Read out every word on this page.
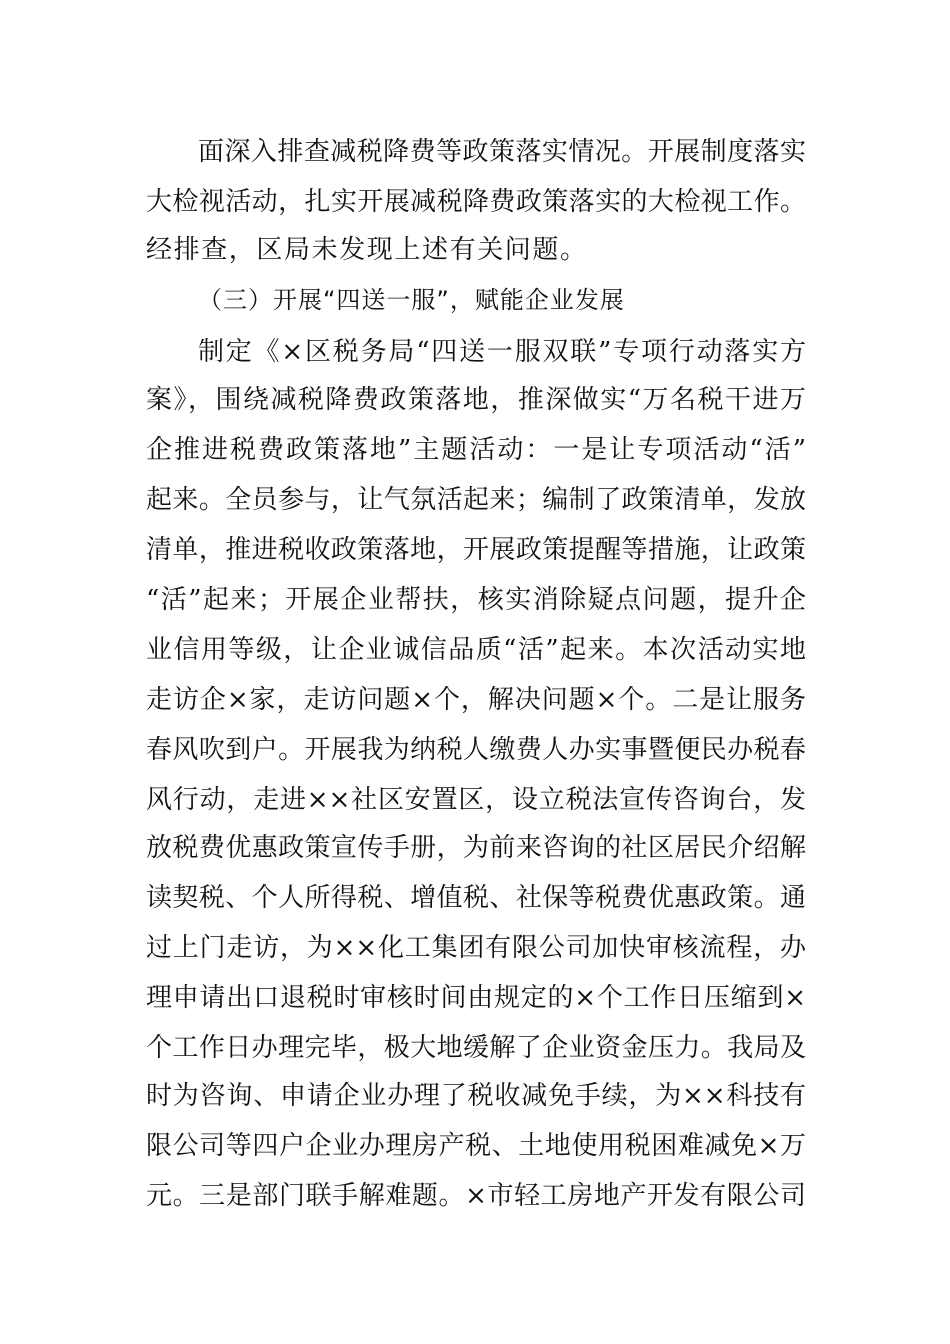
面深入排查减税降费等政策落实情况。开展制度落实
大检视活动，扎实开展减税降费政策落实的大检视工作。
经排查，区局未发现上述有关问题。
（三）开展“四送一服”，赋能企业发展
制定《×区税务局“四送一服双联”专项行动落实方
案》，围绕减税降费政策落地，推深做实“万名税干进万
企推进税费政策落地”主题活动：一是让专项活动“活”
起来。全员参与，让气氛活起来；编制了政策清单，发放
清单，推进税收政策落地，开展政策提醒等措施，让政策
“活”起来；开展企业帮扶，核实消除疑点问题，提升企
业信用等级，让企业诚信品质“活”起来。本次活动实地
走访企×家，走访问题×个，解决问题×个。二是让服务
春风吹到户。开展我为纳税人缴费人办实事暨便民办税春
风行动，走进××社区安置区，设立税法宣传咨询台，发
放税费优惠政策宣传手册，为前来咨询的社区居民介绍解
读契税、个人所得税、增值税、社保等税费优惠政策。通
过上门走访，为××化工集团有限公司加快审核流程，办
理申请出口退税时审核时间由规定的×个工作日压缩到×
个工作日办理完毕，极大地缓解了企业资金压力。我局及
时为咨询、申请企业办理了税收减免手续，为××科技有
限公司等四户企业办理房产税、土地使用税困难减免×万
元。三是部门联手解难题。×市轻工房地产开发有限公司
